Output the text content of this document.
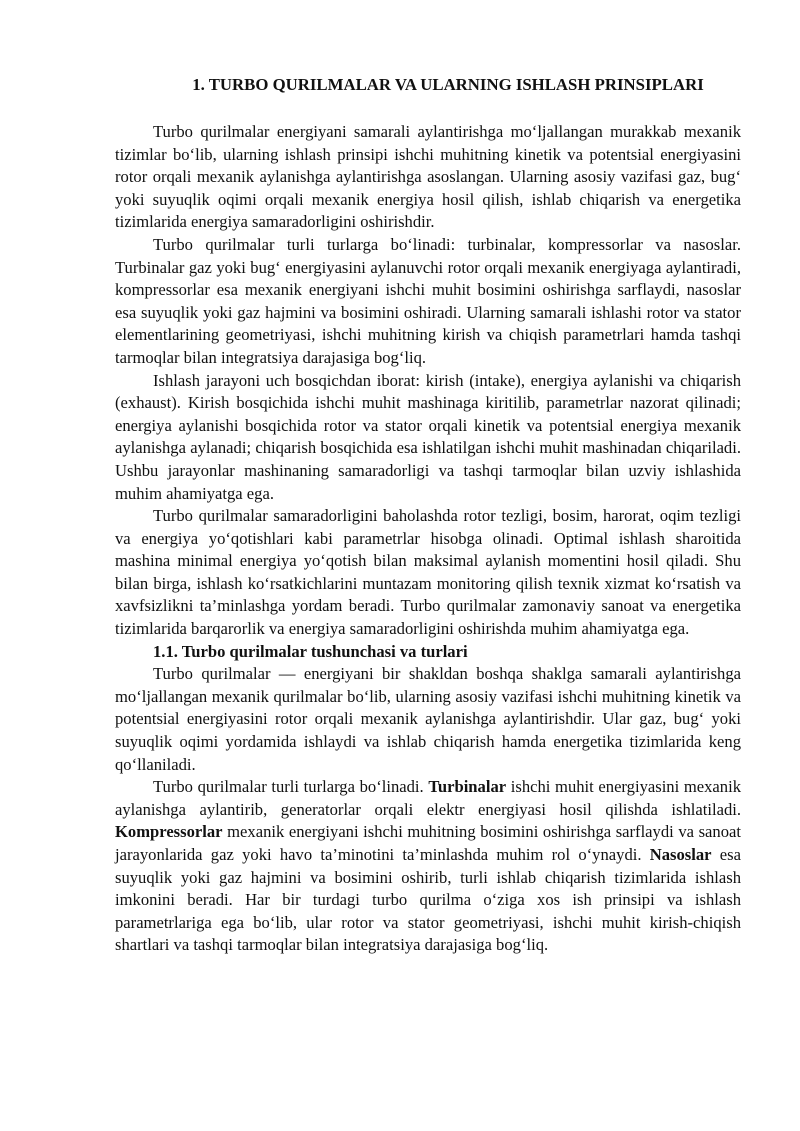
1. TURBO QURILMALAR VA ULARNING ISHLASH PRINSIPLARI

Turbo qurilmalar energiyani samarali aylantirishga mo‘ljallangan murakkab mexanik tizimlar bo‘lib, ularning ishlash prinsipi ishchi muhitning kinetik va potentsial energiyasini rotor orqali mexanik aylanishga aylantirishga asoslangan. Ularning asosiy vazifasi gaz, bug‘ yoki suyuqlik oqimi orqali mexanik energiya hosil qilish, ishlab chiqarish va energetika tizimlarida energiya samaradorligini oshirishdir.

Turbo qurilmalar turli turlarga bo‘linadi: turbinalar, kompressorlar va nasoslar. Turbinalar gaz yoki bug‘ energiyasini aylanuvchi rotor orqali mexanik energiyaga aylantiradi, kompressorlar esa mexanik energiyani ishchi muhit bosimini oshirishga sarflaydi, nasoslar esa suyuqlik yoki gaz hajmini va bosimini oshiradi. Ularning samarali ishlashi rotor va stator elementlarining geometriyasi, ishchi muhitning kirish va chiqish parametrlari hamda tashqi tarmoqlar bilan integratsiya darajasiga bog‘liq.

Ishlash jarayoni uch bosqichdan iborat: kirish (intake), energiya aylanishi va chiqarish (exhaust). Kirish bosqichida ishchi muhit mashinaga kiritilib, parametrlar nazorat qilinadi; energiya aylanishi bosqichida rotor va stator orqali kinetik va potentsial energiya mexanik aylanishga aylanadi; chiqarish bosqichida esa ishlatilgan ishchi muhit mashinadan chiqariladi. Ushbu jarayonlar mashinaning samaradorligi va tashqi tarmoqlar bilan uzviy ishlashida muhim ahamiyatga ega.

Turbo qurilmalar samaradorligini baholashda rotor tezligi, bosim, harorat, oqim tezligi va energiya yo‘qotishlari kabi parametrlar hisobga olinadi. Optimal ishlash sharoitida mashina minimal energiya yo‘qotish bilan maksimal aylanish momentini hosil qiladi. Shu bilan birga, ishlash ko‘rsatkichlarini muntazam monitoring qilish texnik xizmat ko‘rsatish va xavfsizlikni ta’minlashga yordam beradi. Turbo qurilmalar zamonaviy sanoat va energetika tizimlarida barqarorlik va energiya samaradorligini oshirishda muhim ahamiyatga ega.

1.1. Turbo qurilmalar tushunchasi va turlari

Turbo qurilmalar — energiyani bir shakldan boshqa shaklga samarali aylantirishga mo‘ljallangan mexanik qurilmalar bo‘lib, ularning asosiy vazifasi ishchi muhitning kinetik va potentsial energiyasini rotor orqali mexanik aylanishga aylantirishdir. Ular gaz, bug‘ yoki suyuqlik oqimi yordamida ishlaydi va ishlab chiqarish hamda energetika tizimlarida keng qo‘llaniladi.

Turbo qurilmalar turli turlarga bo‘linadi. Turbinalar ishchi muhit energiyasini mexanik aylanishga aylantirib, generatorlar orqali elektr energiyasi hosil qilishda ishlatiladi. Kompressorlar mexanik energiyani ishchi muhitning bosimini oshirishga sarflaydi va sanoat jarayonlarida gaz yoki havo ta’minotini ta’minlashda muhim rol o‘ynaydi. Nasoslar esa suyuqlik yoki gaz hajmini va bosimini oshirib, turli ishlab chiqarish tizimlarida ishlash imkonini beradi. Har bir turdagi turbo qurilma o‘ziga xos ish prinsipi va ishlash parametrlariga ega bo‘lib, ular rotor va stator geometriyasi, ishchi muhit kirish-chiqish shartlari va tashqi tarmoqlar bilan integratsiya darajasiga bog‘liq.
